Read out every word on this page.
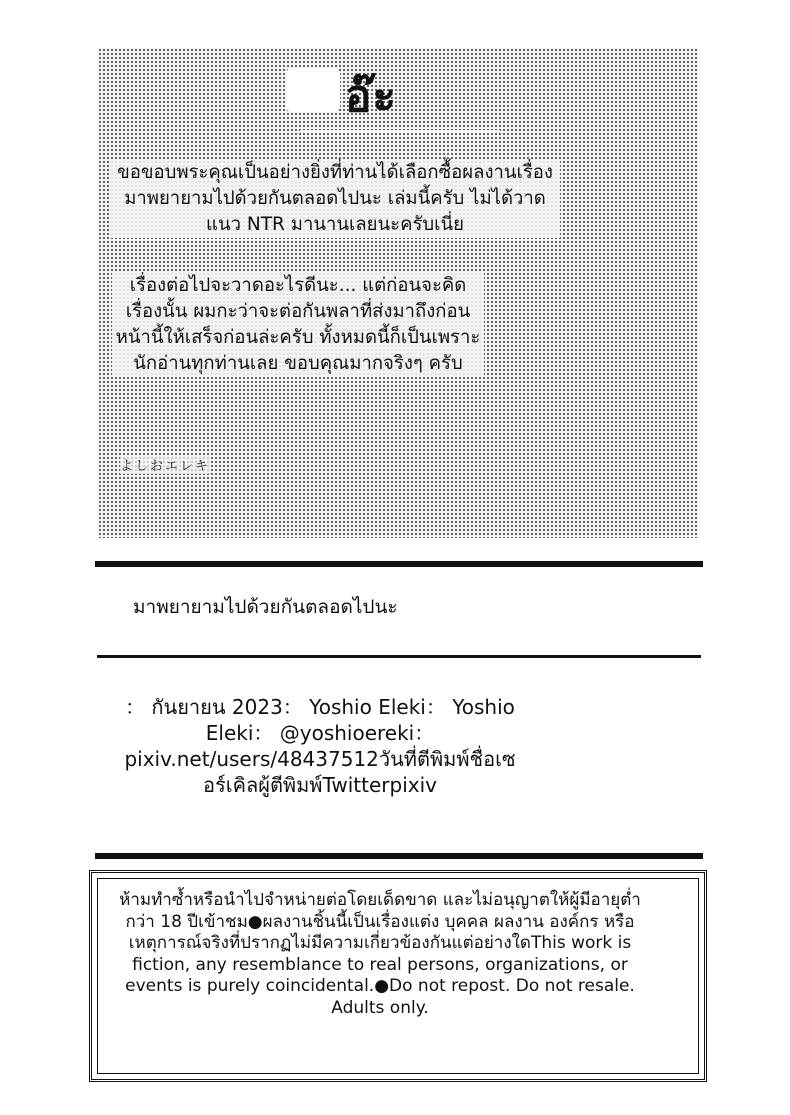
อ๊ะ
ขอขอบพระคุณเป็นอย่างยิ่งที่ท่านได้เลือกซื้อผลงานเรื่อง มาพยายามไปด้วยกันตลอดไปนะ เล่มนี้ครับ ไม่ได้วาดแนว NTR มานานเลยนะครับเนี่ย
เรื่องต่อไปจะวาดอะไรดีนะ... แต่ก่อนจะคิดเรื่องนั้น ผมกะว่าจะต่อกันพลาที่ส่งมาถึงก่อนหน้านี้ให้เสร็จก่อนล่ะครับ ทั้งหมดนี้ก็เป็นเพราะนักอ่านทุกท่านเลย ขอบคุณมากจริงๆ ครับ
よしおエレキ
มาพยายามไปด้วยกันตลอดไปนะ
： กันยายน 2023： Yoshio Eleki： Yoshio Eleki： @yoshioereki： pixiv.net/users/48437512วันที่ตีพิมพ์ชื่อเซอร์เคิลผู้ตีพิมพ์Twitterpixiv
ห้ามทำซ้ำหรือนำไปจำหน่ายต่อโดยเด็ดขาด และไม่อนุญาตให้ผู้มีอายุต่ำกว่า 18 ปีเข้าชม●ผลงานชิ้นนี้เป็นเรื่องแต่ง บุคคล ผลงาน องค์กร หรือเหตุการณ์จริงที่ปรากฏไม่มีความเกี่ยวข้องกันแต่อย่างใดThis work is fiction, any resemblance to real persons, organizations, or events is purely coincidental.●Do not repost. Do not resale. Adults only.
